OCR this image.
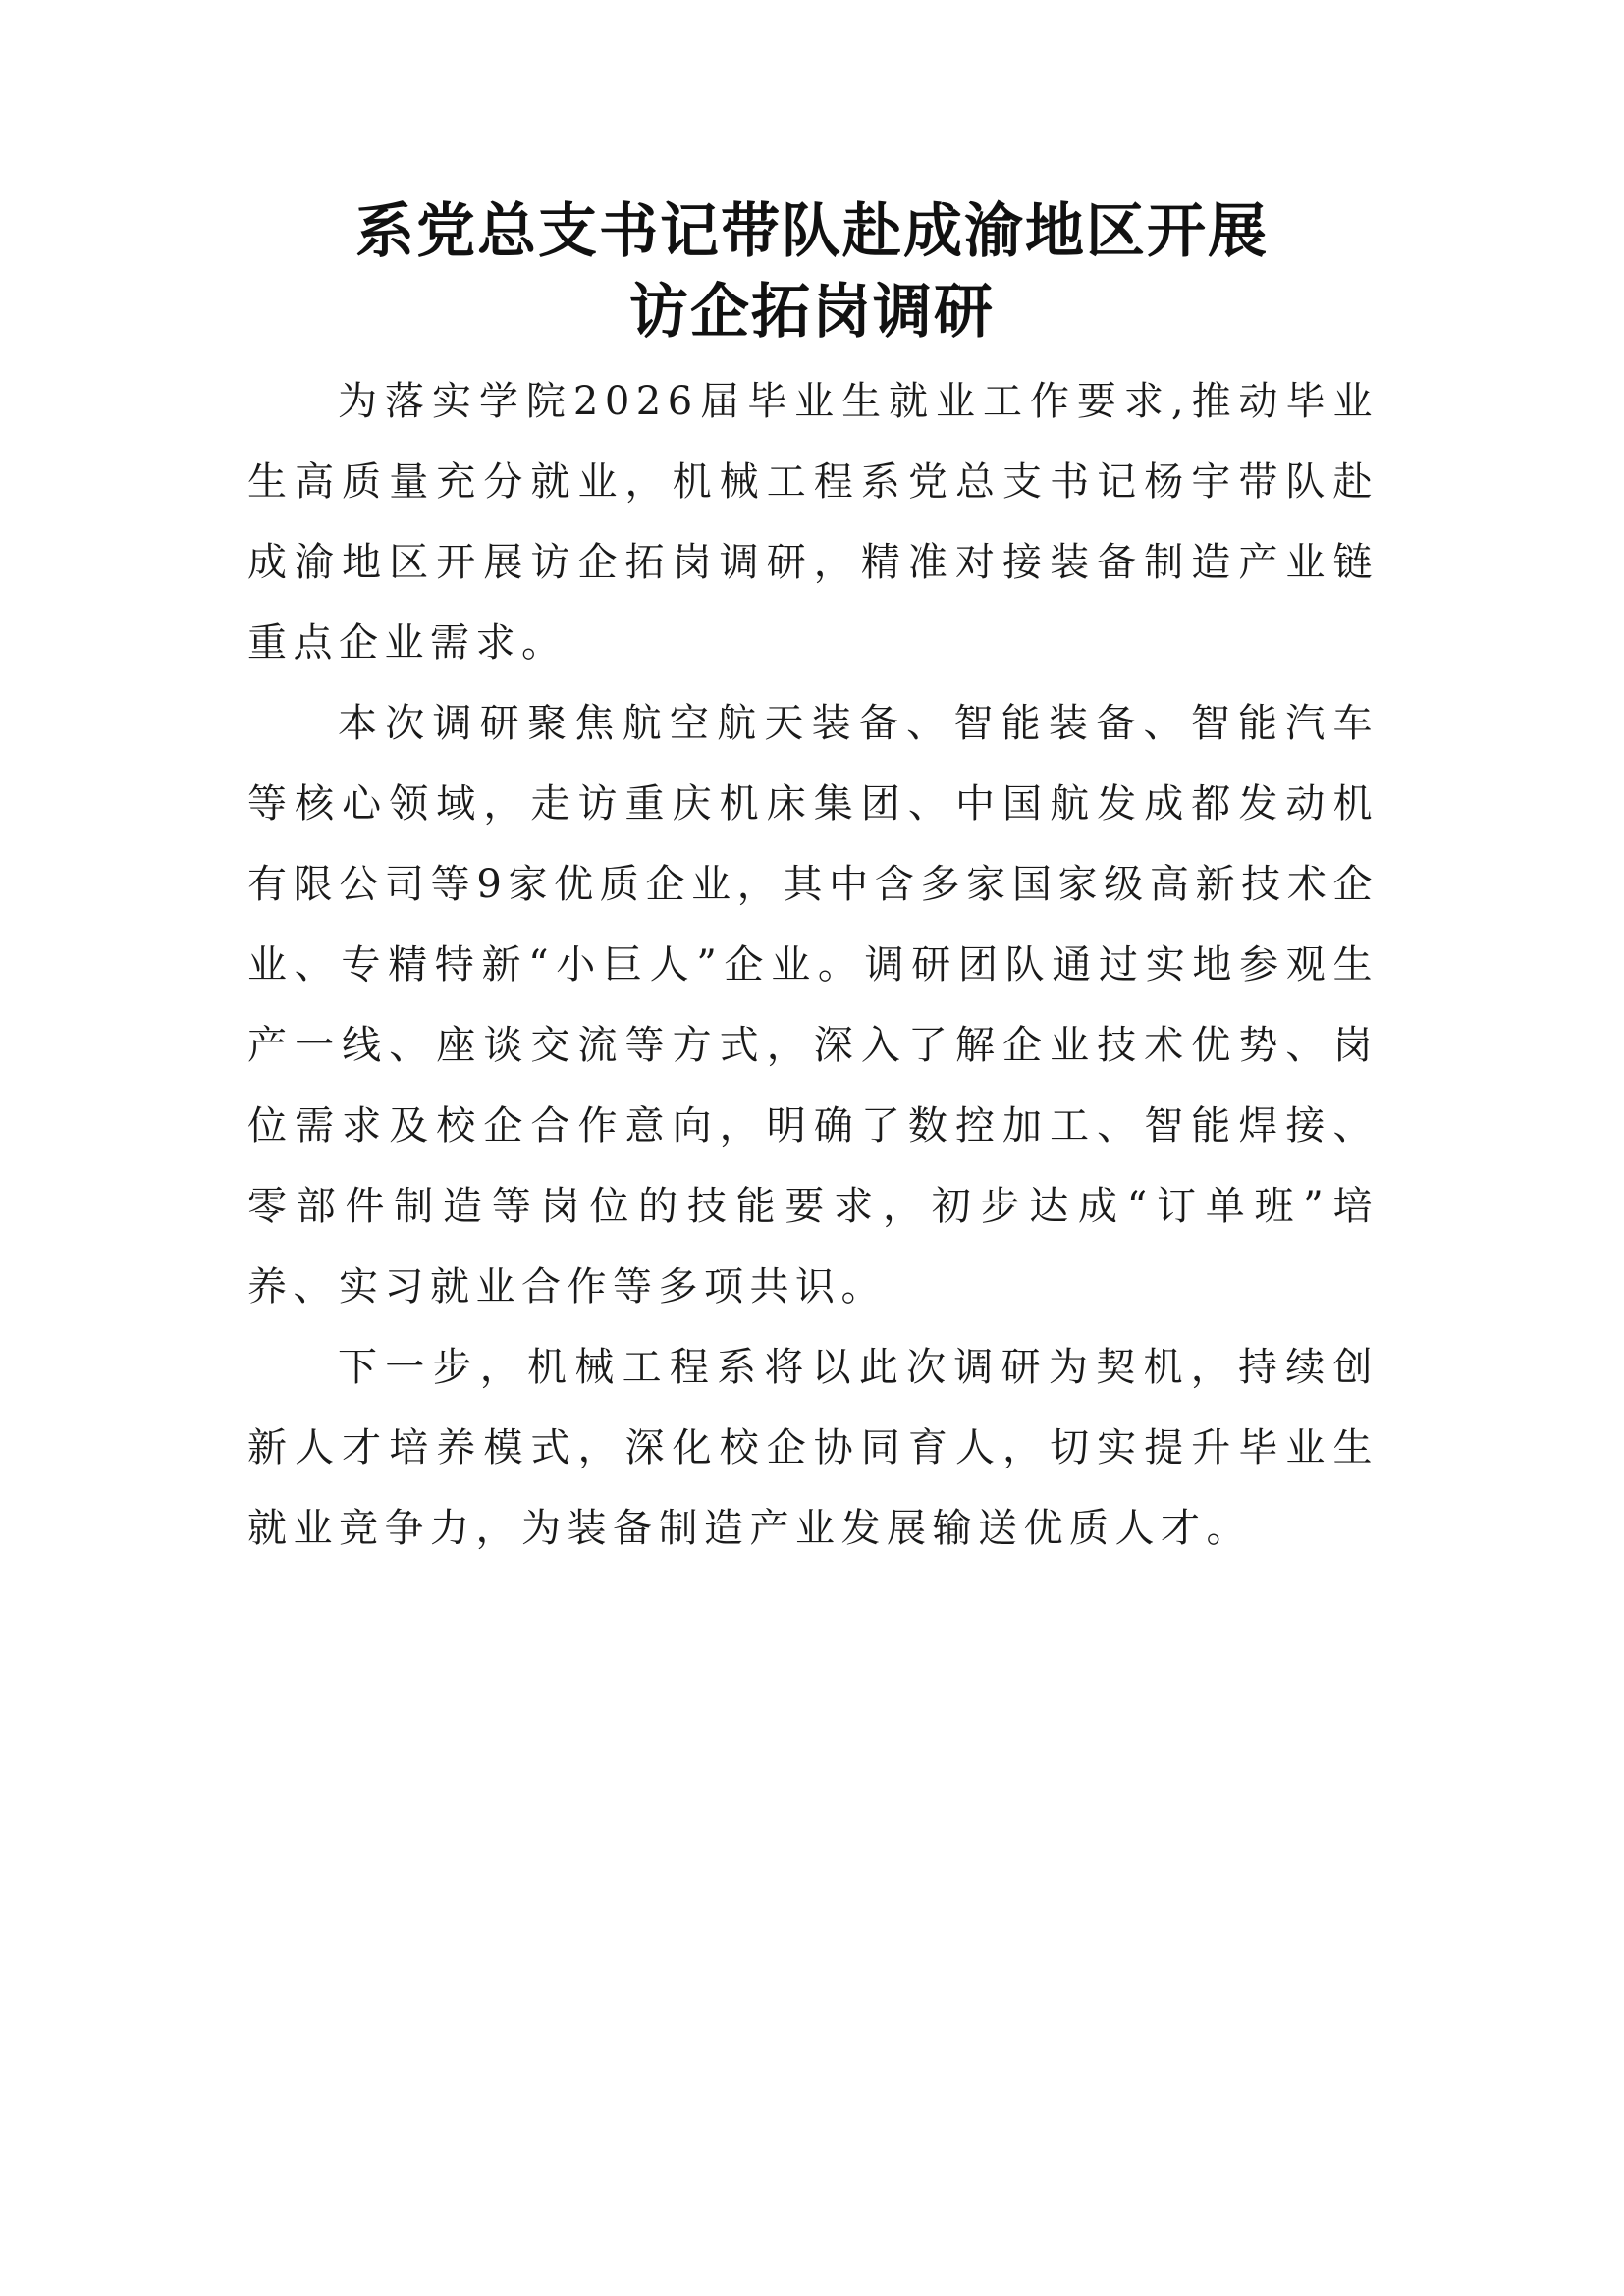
系党总支书记带队赴成渝地区开展
访企拓岗调研

为落实学院2026届毕业生就业工作要求,推动毕业生高质量充分就业，机械工程系党总支书记杨宇带队赴成渝地区开展访企拓岗调研，精准对接装备制造产业链重点企业需求。

本次调研聚焦航空航天装备、智能装备、智能汽车等核心领域，走访重庆机床集团、中国航发成都发动机有限公司等9家优质企业，其中含多家国家级高新技术企业、专精特新“小巨人”企业。调研团队通过实地参观生产一线、座谈交流等方式，深入了解企业技术优势、岗位需求及校企合作意向，明确了数控加工、智能焊接、零部件制造等岗位的技能要求，初步达成“订单班”培养、实习就业合作等多项共识。

下一步，机械工程系将以此次调研为契机，持续创新人才培养模式，深化校企协同育人，切实提升毕业生就业竞争力，为装备制造产业发展输送优质人才。
